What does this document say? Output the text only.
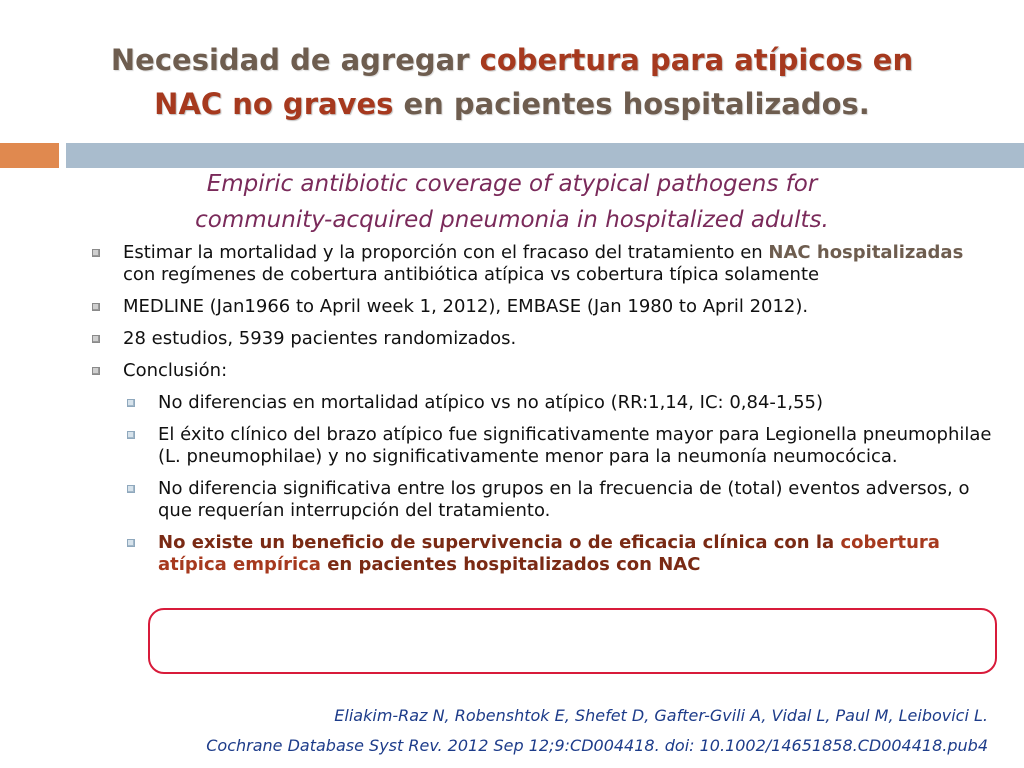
Necesidad de agregar cobertura para atípicos en
NAC no graves en pacientes hospitalizados.
Empiric antibiotic coverage of atypical pathogens for
community-acquired pneumonia in hospitalized adults.
Estimar la mortalidad y la proporción con el fracaso del tratamiento en NAC hospitalizadas con regímenes de cobertura antibiótica atípica vs cobertura típica solamente
MEDLINE (Jan1966 to April week 1, 2012), EMBASE (Jan 1980 to April 2012).
28 estudios, 5939 pacientes randomizados.
Conclusión:
No diferencias en mortalidad atípico vs no atípico (RR:1,14, IC: 0,84-1,55)
El éxito clínico del brazo atípico fue significativamente mayor para Legionella pneumophilae (L. pneumophilae) y no significativamente menor para la neumonía neumocócica.
No diferencia significativa entre los grupos en la frecuencia de (total) eventos adversos, o que requerían interrupción del tratamiento.
No existe un beneficio de supervivencia o de eficacia clínica con la cobertura atípica empírica en pacientes hospitalizados con NAC
Eliakim-Raz N, Robenshtok E, Shefet D, Gafter-Gvili A, Vidal L, Paul M, Leibovici L.
Cochrane Database Syst Rev. 2012 Sep 12;9:CD004418. doi: 10.1002/14651858.CD004418.pub4
